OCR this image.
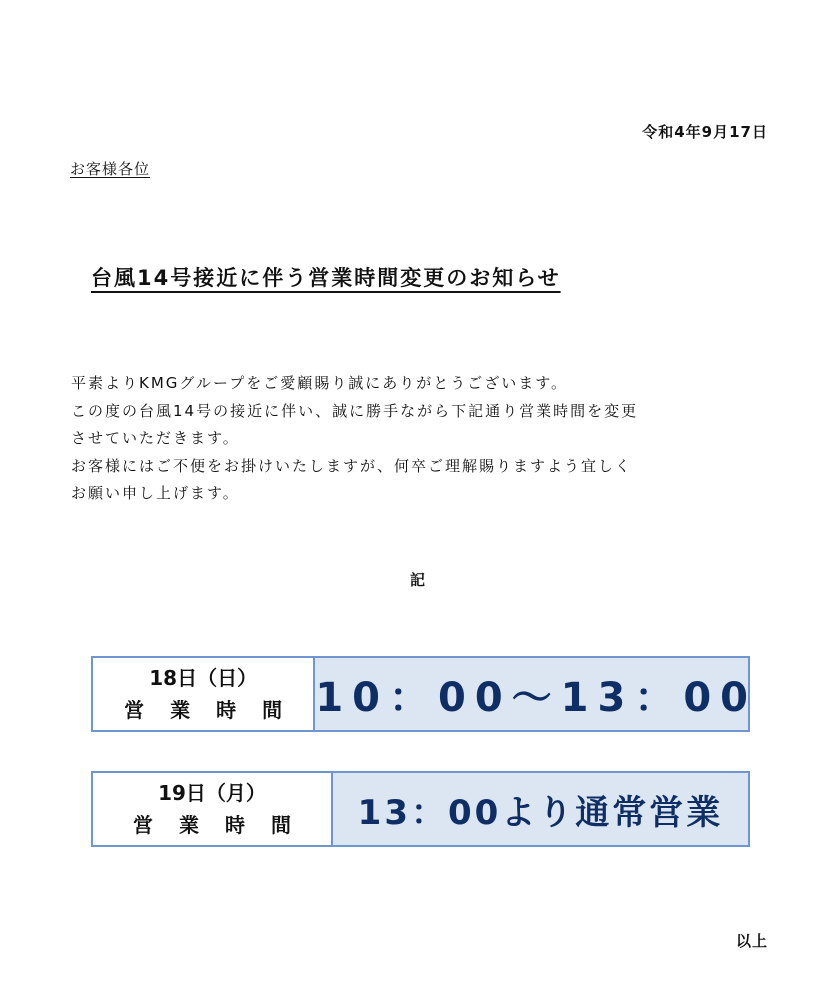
令和4年9月17日
お客様各位
台風14号接近に伴う営業時間変更のお知らせ

平素よりKMGグループをご愛顧賜り誠にありがとうございます。

この度の台風14号の接近に伴い、誠に勝手ながら下記通り営業時間を変更

させていただきます。

お客様にはご不便をお掛けいたしますが、何卒ご理解賜りますよう宜しく

お願い申し上げます。

記
18日（日）
営業時間 10：00～13：00
19日（月）
営業時間 13：00より通常営業
以上
